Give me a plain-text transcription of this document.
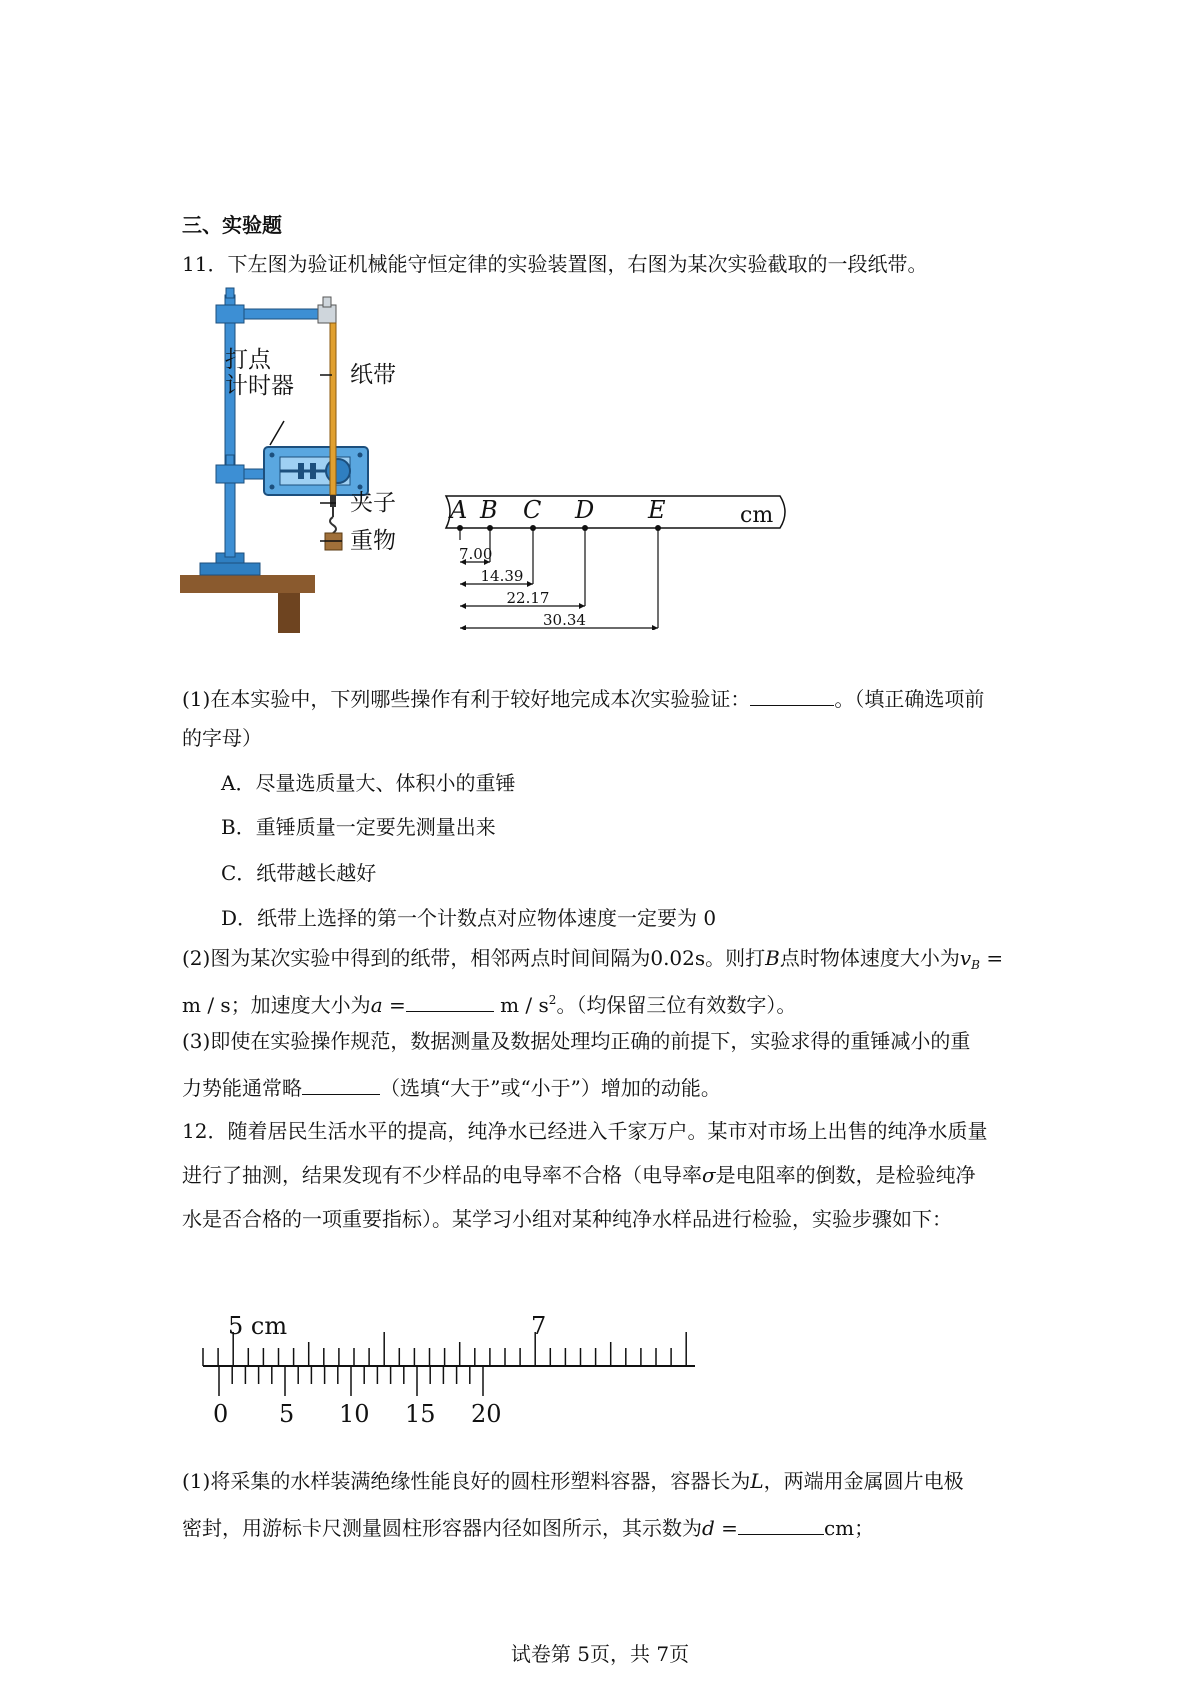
三、实验题
11．下左图为验证机械能守恒定律的实验装置图，右图为某次实验截取的一段纸带。
打点
计时器 纸带
夹子
重物
A B C D E	cm
7.00
14.39
22.17
30.34
(1)在本实验中，下列哪些操作有利于较好地完成本次实验验证：	。（填正确选项前
的字母）
A．尽量选质量大、体积小的重锤
B．重锤质量一定要先测量出来
C．纸带越长越好
D．纸带上选择的第一个计数点对应物体速度一定要为 0
(2)图为某次实验中得到的纸带，相邻两点时间间隔为0.02s。则打B点时物体速度大小为$v_B$ =
m / s；加速度大小为a =	m / $s^2$。（均保留三位有效数字）。
(3)即使在实验操作规范，数据测量及数据处理均正确的前提下，实验求得的重锤减小的重
力势能通常略	（选填“大于”或“小于”）增加的动能。
12．随着居民生活水平的提高，纯净水已经进入千家万户。某市对市场上出售的纯净水质量
进行了抽测，结果发现有不少样品的电导率不合格（电导率σ是电阻率的倒数，是检验纯净
水是否合格的一项重要指标）。某学习小组对某种纯净水样品进行检验，实验步骤如下：
5 cm	7
0 5 10 15 20
(1)将采集的水样装满绝缘性能良好的圆柱形塑料容器，容器长为L，两端用金属圆片电极
密封，用游标卡尺测量圆柱形容器内径如图所示，其示数为d =	cm；
试卷第 5页，共 7页
